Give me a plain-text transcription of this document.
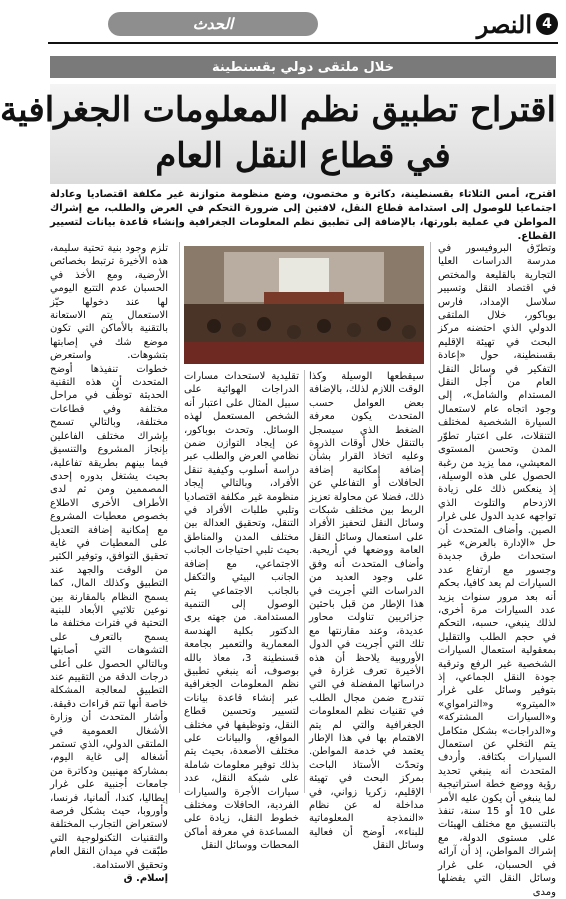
4
النصر
الحدث
خلال ملتقى دولي بقسنطينة
اقتراح تطبيق نظم المعلومات الجغرافية
في قطاع النقل العام
اقترح، أمس الثلاثاء بقسنطينة، دكاترة و مختصون، وضع منظومة متوازنة غير مكلفة اقتصاديا وعادلة اجتماعيا للوصول إلى استدامة قطاع النقل، لافتين إلى ضرورة التحكم في العرض والطلب، مع إشراك المواطن في عملية بلورتها، بالإضافة إلى تطبيق نظم المعلومات الجغرافية وإنشاء قاعدة بيانات لتسيير القطاع.

وتطرّق البروفيسور في مدرسة الدراسات العليا التجارية بالقليعة والمختص في اقتصاد النقل وتسيير سلاسل الإمداد، فارس بوباكور، خلال الملتقى الدولي الذي احتضنه مركز البحث في تهيئة الإقليم بقسنطينة، حول «إعادة التفكير في وسائل النقل العام من أجل النقل المستدام والشامل»، إلى وجود اتجاه عام لاستعمال السيارة الشخصية لمختلف التنقلات، على اعتبار تطوّر المدن وتحسن المستوى المعيشي، مما يزيد من رغبة الحصول على هذه الوسيلة، إذ ينعكس ذلك على زيادة الازدحام والتلوث الذي تواجهه عديد الدول على غرار الصين. وأضاف المتحدث أن حل «الإدارة بالعرض» غير استحداث طرق جديدة وجسور مع ارتفاع عدد السيارات لم يعد كافيا، بحكم أنه بعد مرور سنوات يزيد عدد السيارات مرة أخرى، لذلك ينبغي، حسبه، التحكم في حجم الطلب والتقليل بمعقولية استعمال السيارات الشخصية غير الرفع وترقية جودة النقل الجماعي، إذ بتوفير وسائل على غرار «الميترو» و«الترامواي» و«السيارات المشتركة» و«الدراجات» بشكل متكامل يتم التخلي عن استعمال السيارات بكثافة. وأردف المتحدث أنه ينبغي تحديد رؤية ووضع خطة استراتيجية لما ينبغي أن يكون عليه الأمر على 10 أو 15 سنة، تنفذ بالتنسيق مع مختلف الهيئات على مستوى الدولة، مع إشراك المواطن، إذ أن آرائه في الحسبان، على غرار وسائل النقل التي يفضلها ومدى

سيقطعها الوسيلة وكذا الوقت اللازم لذلك، بالإضافة بعض العوامل حسب المتحدث يكون معرفة الضغط الذي سيسجل بالتنقل خلال أوقات الذروة وعليه اتخاذ القرار بشأن إضافة إمكانية إضافة الحافلات أو التفاعلي عن ذلك، فضلا عن محاولة تعزيز الربط بين مختلف شبكات وسائل النقل لتحفيز الأفراد على استعمال وسائل النقل العامة ووضعها في أريحية. وأضاف المتحدث أنه وفق على وجود العديد من الدراسات التي أجريت في هذا الإطار من قبل باحثين جزائريين تناولت محاور عديدة، وعند مقارنتها مع تلك التي أجريت في الدول الأوروبية يلاحظ أن هذه الأخيرة تعرف غزارة في دراساتها المفضلة في التي تندرج ضمن مجال الطلب في تقنيات نظم المعلومات الجغرافية والتي لم يتم الاهتمام بها في هذا الإطار يعتمد في خدمة المواطن. وتحدّث الأستاذ الباحث بمركز البحث في تهيئة الإقليم، زكريا زواني، في مداخلة له عن نظام «النمذجة المعلوماتية للبناء»، أوضح أن فعالية وسائل النقل

تقليدية لاستحداث مسارات الدراجات الهوائية على سبيل المثال على اعتبار أنه الشخص المستعمل لهذه الوسائل. وتحدث بوباكور، عن إيجاد التوازن ضمن نظامي العرض والطلب عبر دراسة أسلوب وكيفية تنقل الأفراد، وبالتالي إيجاد منظومة غير مكلفة اقتصاديا وتلبي طلبات الأفراد في التنقل، وتحقيق العدالة بين مختلف المدن والمناطق بحيث تلبي احتياجات الجانب الاجتماعي، مع إضافة الجانب البيئي والتكفل بالجانب الاجتماعي يتم الوصول إلى التنمية المستدامة. من جهته يرى الدكتور بكلية الهندسة المعمارية والتعمير بجامعة قسنطينة 3، معاذ بالله بوصوف، أنه ينبغي تطبيق نظم المعلومات الجغرافية عبر إنشاء قاعدة بيانات لتسيير وتحسين قطاع النقل، وتوظيفها في مختلف المواقع، والبيانات على مختلف الأصعدة، بحيث يتم بذلك توفير معلومات شاملة على شبكة النقل، عدد سيارات الأجرة والسيارات الفردية، الحافلات ومختلف خطوط النقل، زيادة على المساعدة في معرفة أماكن المحطات ووسائل النقل

تلزم وجود بنية تحتية سليمة، هذه الأخيرة ترتبط بخصائص الأرضية، ومع الأخذ في الحسبان عدم التتبع اليومي لها عند دخولها حيّز الاستعمال يتم الاستعانة بالتقنية بالأماكن التي تكون موضع شك في إصابتها بتشوهات. واستعرض خطوات تنفيذها أوضح المتحدث أن هذه التقنية الحديثة توظّف في مراحل مختلفة وفي قطاعات مختلفة، وبالتالي تسمح بإشراك مختلف الفاعلين بإنجاز المشروع والتنسيق فيما بينهم بطريقة تفاعلية، بحيث يشتغل بدوره إحدى المصممين ومن ثم لدى الأطراف الأخرى الاطلاع بخصوص معطيات المشروع مع إمكانية إضافة التعديل على المعطيات في غاية تحقيق التوافق، وتوفير الكثير من الوقت والجهد عند التطبيق وكذلك المال، كما يسمح النظام بالمقارنة بين نوعين تلاثيي الأبعاد للبنية التحتية في فترات مختلفة ما يسمح بالتعرف على التشوهات التي أصابتها وبالتالي الحصول على أعلى درجات الدقة من التقييم عند التطبيق لمعالجة المشكلة خاصة أنها تتم قراءات دقيقة. وأشار المتحدث أن وزارة الأشغال العمومية في الملتقى الدولي، الذي تستمر أشغاله إلى غاية اليوم، بمشاركة مهنيين ودكاترة من جامعات أجنبية على غرار إيطاليا، كندا، ألمانيا، فرنسا، وأوروبا، حيث يشكل فرصة لاستعراض التجارب المختلفة والتقنيات التكنولوجية التي طبّقت في ميدان النقل العام وتحقيق الاستدامة.

إسلام. ق
